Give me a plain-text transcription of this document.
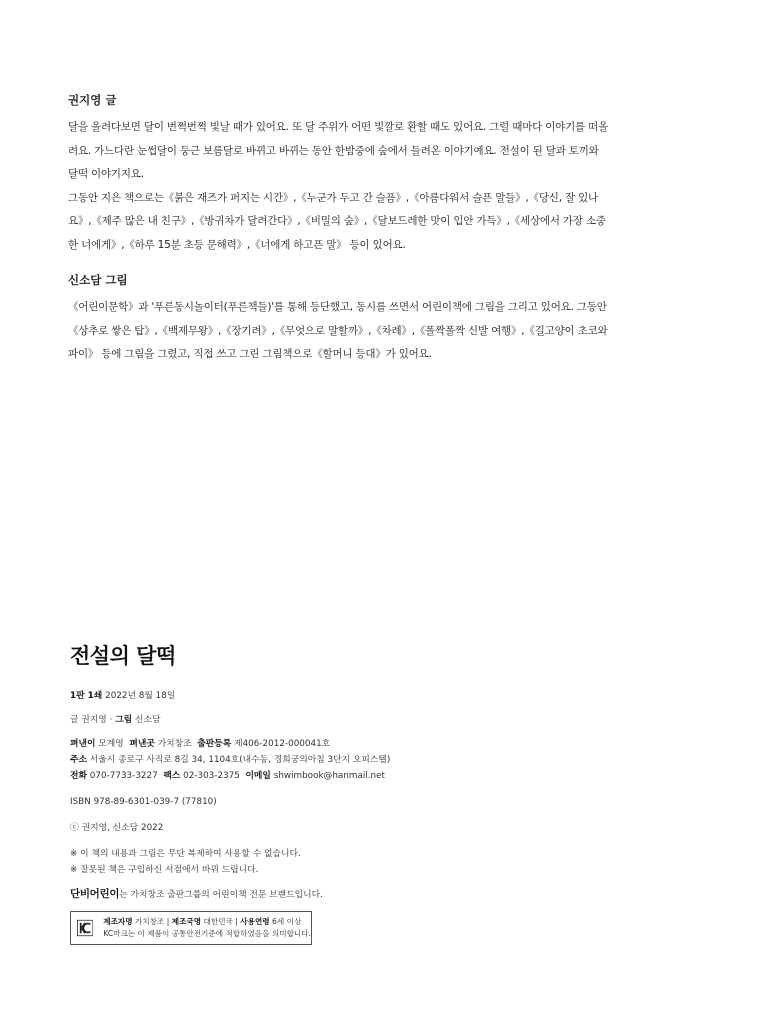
권지영 글

달을 올려다보면 달이 번쩍번쩍 빛날 때가 있어요. 또 달 주위가 어떤 빛깔로 환할 때도 있어요. 그럴 때마다 이야기를 떠올려요. 가느다란 눈썹달이 둥근 보름달로 바뀌고 바뀌는 동안 한밤중에 숲에서 들려온 이야기예요. 전설이 된 달과 토끼와 달떡 이야기지요.

그동안 지은 책으로는《붉은 재즈가 퍼지는 시간》,《누군가 두고 간 슬픔》,《아름다워서 슬픈 말들》,《당신, 잘 있나요》,《제주 많은 내 친구》,《방귀차가 달려간다》,《비밀의 숲》,《달보드레한 맛이 입안 가득》,《세상에서 가장 소중한 너에게》,《하루 15분 초등 문해력》,《너에게 하고픈 말》 등이 있어요.

신소담 그림

《어린이문학》과 '푸른동시놀이터(푸른책들)'를 통해 등단했고, 동시를 쓰면서 어린이책에 그림을 그리고 있어요. 그동안 《상추로 쌓은 탑》,《백제무왕》,《장기려》,《무엇으로 말할까》,《차례》,《폴짝폴짝 신발 여행》,《길고양이 초코와 파이》 등에 그림을 그렸고, 직접 쓰고 그린 그림책으로《할머니 등대》가 있어요.

전설의 달떡
1판 1쇄 2022년 8월 18일
글 권지영 · 그림 신소담
펴낸이 모계영 펴낸곳 가치창조 출판등록 제406-2012-000041호
주소 서울시 종로구 사직로 8길 34, 1104호(내수동, 경희궁의아침 3단지 오피스텔)
전화 070-7733-3227 팩스 02-303-2375 이메일 shwimbook@hanmail.net
ISBN 978-89-6301-039-7 (77810)
ⓒ 권지영, 신소담 2022
※ 이 책의 내용과 그림은 무단 복제하여 사용할 수 없습니다.
※ 잘못된 책은 구입하신 서점에서 바꿔 드립니다.
단비어린이는 가치창조 출판그룹의 어린이책 전문 브랜드입니다.
제조자명 가치창조 | 제조국명 대한민국 | 사용연령 6세 이상
KC마크는 이 제품이 공통안전기준에 적합하였음을 의미합니다.
